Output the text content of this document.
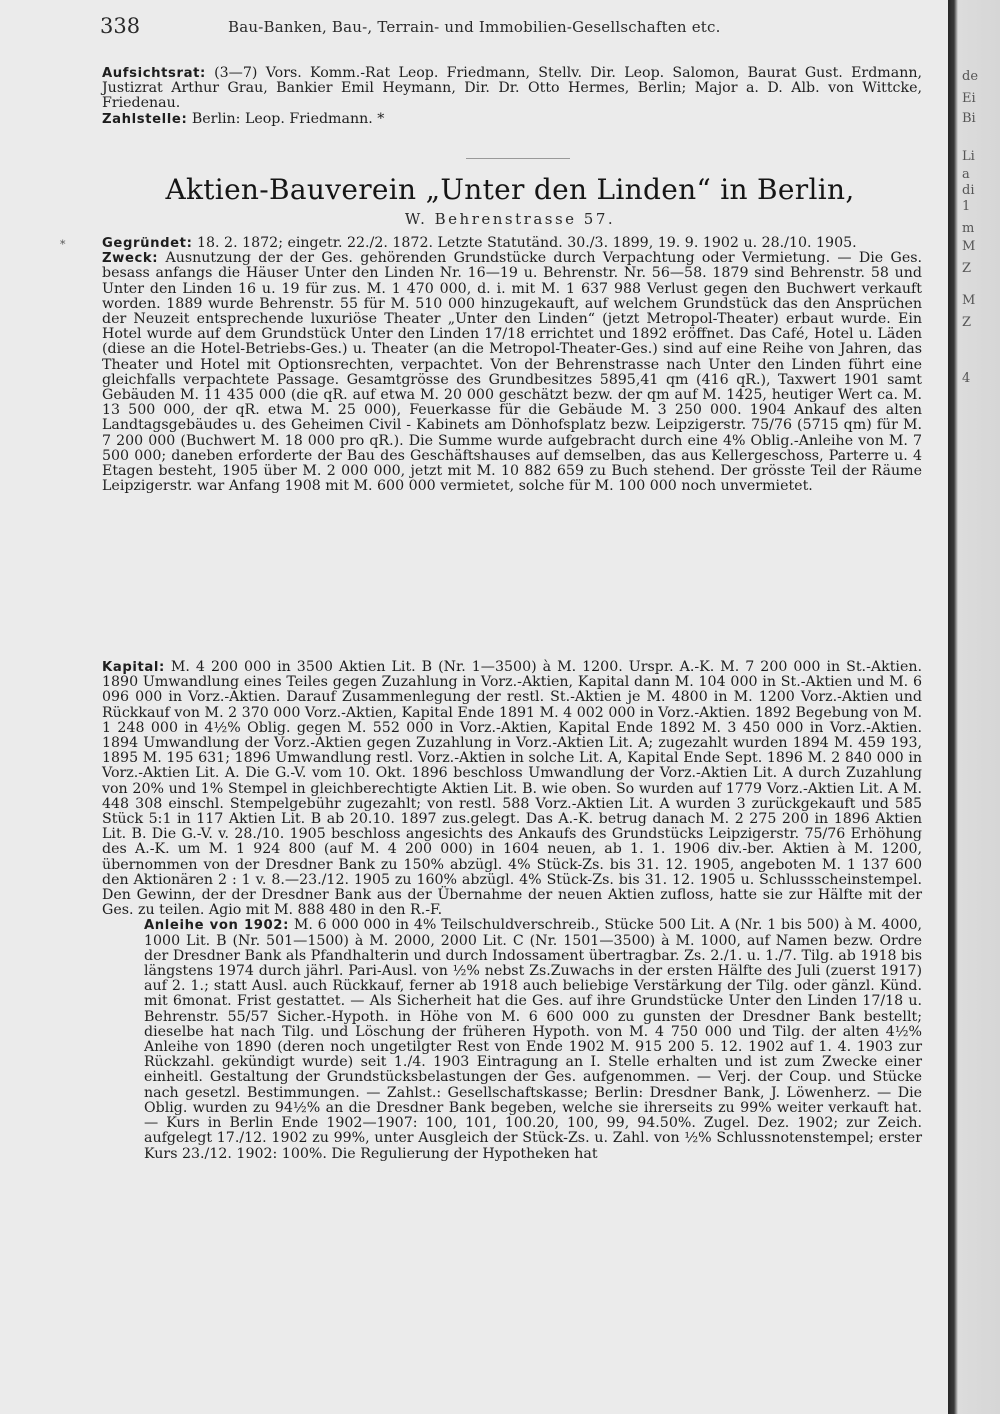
338	Bau-Banken, Bau-, Terrain- und Immobilien-Gesellschaften etc.

Aufsichtsrat: (3—7) Vors. Komm.-Rat Leop. Friedmann, Stellv. Dir. Leop. Salomon, Baurat Gust. Erdmann, Justizrat Arthur Grau, Bankier Emil Heymann, Dir. Dr. Otto Hermes, Berlin; Major a. D. Alb. von Wittcke, Friedenau.

Zahlstelle: Berlin: Leop. Friedmann. *

Aktien-Bauverein „Unter den Linden“ in Berlin,
W. Behrenstrasse 57.
*	Gegründet: 18. 2. 1872; eingetr. 22./2. 1872. Letzte Statutänd. 30./3. 1899, 19. 9. 1902 u. 28./10. 1905.

Zweck: Ausnutzung der der Ges. gehörenden Grundstücke durch Verpachtung oder Vermietung. — Die Ges. besass anfangs die Häuser Unter den Linden Nr. 16—19 u. Behrenstr. Nr. 56—58. 1879 sind Behrenstr. 58 und Unter den Linden 16 u. 19 für zus. M. 1 470 000, d. i. mit M. 1 637 988 Verlust gegen den Buchwert verkauft worden. 1889 wurde Behrenstr. 55 für M. 510 000 hinzugekauft, auf welchem Grundstück das den Ansprüchen der Neuzeit entsprechende luxuriöse Theater „Unter den Linden“ (jetzt Metropol-Theater) erbaut wurde. Ein Hotel wurde auf dem Grundstück Unter den Linden 17/18 errichtet und 1892 eröffnet. Das Café, Hotel u. Läden (diese an die Hotel-Betriebs-Ges.) u. Theater (an die Metropol-Theater-Ges.) sind auf eine Reihe von Jahren, das Theater und Hotel mit Optionsrechten, verpachtet. Von der Behrenstrasse nach Unter den Linden führt eine gleichfalls verpachtete Passage. Gesamtgrösse des Grundbesitzes 5895,41 qm (416 qR.), Taxwert 1901 samt Gebäuden M. 11 435 000 (die qR. auf etwa M. 20 000 geschätzt bezw. der qm auf M. 1425, heutiger Wert ca. M. 13 500 000, der qR. etwa M. 25 000), Feuerkasse für die Gebäude M. 3 250 000. 1904 Ankauf des alten Landtagsgebäudes u. des Geheimen Civil - Kabinets am Dönhofsplatz bezw. Leipzigerstr. 75/76 (5715 qm) für M. 7 200 000 (Buchwert M. 18 000 pro qR.). Die Summe wurde aufgebracht durch eine 4% Oblig.-Anleihe von M. 7 500 000; daneben erforderte der Bau des Geschäftshauses auf demselben, das aus Kellergeschoss, Parterre u. 4 Etagen besteht, 1905 über M. 2 000 000, jetzt mit M. 10 882 659 zu Buch stehend. Der grösste Teil der Räume Leipzigerstr. war Anfang 1908 mit M. 600 000 vermietet, solche für M. 100 000 noch unvermietet.

Kapital: M. 4 200 000 in 3500 Aktien Lit. B (Nr. 1—3500) à M. 1200. Urspr. A.-K. M. 7 200 000 in St.-Aktien. 1890 Umwandlung eines Teiles gegen Zuzahlung in Vorz.-Aktien, Kapital dann M. 104 000 in St.-Aktien und M. 6 096 000 in Vorz.-Aktien. Darauf Zusammenlegung der restl. St.-Aktien je M. 4800 in M. 1200 Vorz.-Aktien und Rückkauf von M. 2 370 000 Vorz.-Aktien, Kapital Ende 1891 M. 4 002 000 in Vorz.-Aktien. 1892 Begebung von M. 1 248 000 in 4½% Oblig. gegen M. 552 000 in Vorz.-Aktien, Kapital Ende 1892 M. 3 450 000 in Vorz.-Aktien. 1894 Umwandlung der Vorz.-Aktien gegen Zuzahlung in Vorz.-Aktien Lit. A; zugezahlt wurden 1894 M. 459 193, 1895 M. 195 631; 1896 Umwandlung restl. Vorz.-Aktien in solche Lit. A, Kapital Ende Sept. 1896 M. 2 840 000 in Vorz.-Aktien Lit. A. Die G.-V. vom 10. Okt. 1896 beschloss Umwandlung der Vorz.-Aktien Lit. A durch Zuzahlung von 20% und 1% Stempel in gleichberechtigte Aktien Lit. B. wie oben. So wurden auf 1779 Vorz.-Aktien Lit. A M. 448 308 einschl. Stempelgebühr zugezahlt; von restl. 588 Vorz.-Aktien Lit. A wurden 3 zurückgekauft und 585 Stück 5:1 in 117 Aktien Lit. B ab 20.10. 1897 zus.gelegt. Das A.-K. betrug danach M. 2 275 200 in 1896 Aktien Lit. B. Die G.-V. v. 28./10. 1905 beschloss angesichts des Ankaufs des Grundstücks Leipzigerstr. 75/76 Erhöhung des A.-K. um M. 1 924 800 (auf M. 4 200 000) in 1604 neuen, ab 1. 1. 1906 div.-ber. Aktien à M. 1200, übernommen von der Dresdner Bank zu 150% abzügl. 4% Stück-Zs. bis 31. 12. 1905, angeboten M. 1 137 600 den Aktionären 2 : 1 v. 8.—23./12. 1905 zu 160% abzügl. 4% Stück-Zs. bis 31. 12. 1905 u. Schlussscheinstempel. Den Gewinn, der der Dresdner Bank aus der Übernahme der neuen Aktien zufloss, hatte sie zur Hälfte mit der Ges. zu teilen. Agio mit M. 888 480 in den R.-F.

Anleihe von 1902: M. 6 000 000 in 4% Teilschuldverschreib., Stücke 500 Lit. A (Nr. 1 bis 500) à M. 4000, 1000 Lit. B (Nr. 501—1500) à M. 2000, 2000 Lit. C (Nr. 1501—3500) à M. 1000, auf Namen bezw. Ordre der Dresdner Bank als Pfandhalterin und durch Indossament übertragbar. Zs. 2./1. u. 1./7. Tilg. ab 1918 bis längstens 1974 durch jährl. Pari-Ausl. von ½% nebst Zs.Zuwachs in der ersten Hälfte des Juli (zuerst 1917) auf 2. 1.; statt Ausl. auch Rückkauf, ferner ab 1918 auch beliebige Verstärkung der Tilg. oder gänzl. Künd. mit 6monat. Frist gestattet. — Als Sicherheit hat die Ges. auf ihre Grundstücke Unter den Linden 17/18 u. Behrenstr. 55/57 Sicher.-Hypoth. in Höhe von M. 6 600 000 zu gunsten der Dresdner Bank bestellt; dieselbe hat nach Tilg. und Löschung der früheren Hypoth. von M. 4 750 000 und Tilg. der alten 4½% Anleihe von 1890 (deren noch ungetilgter Rest von Ende 1902 M. 915 200 5. 12. 1902 auf 1. 4. 1903 zur Rückzahl. gekündigt wurde) seit 1./4. 1903 Eintragung an I. Stelle erhalten und ist zum Zwecke einer einheitl. Gestaltung der Grundstücksbelastungen der Ges. aufgenommen. — Verj. der Coup. und Stücke nach gesetzl. Bestimmungen. — Zahlst.: Gesellschaftskasse; Berlin: Dresdner Bank, J. Löwenherz. — Die Oblig. wurden zu 94½% an die Dresdner Bank begeben, welche sie ihrerseits zu 99% weiter verkauft hat. — Kurs in Berlin Ende 1902—1907: 100, 101, 100.20, 100, 99, 94.50%. Zugel. Dez. 1902; zur Zeich. aufgelegt 17./12. 1902 zu 99%, unter Ausgleich der Stück-Zs. u. Zahl. von ½% Schlussnotenstempel; erster Kurs 23./12. 1902: 100%. Die Regulierung der Hypotheken hat

de
Ei
Bi
Li
a
di
1
m
M
Z
M
Z
4
